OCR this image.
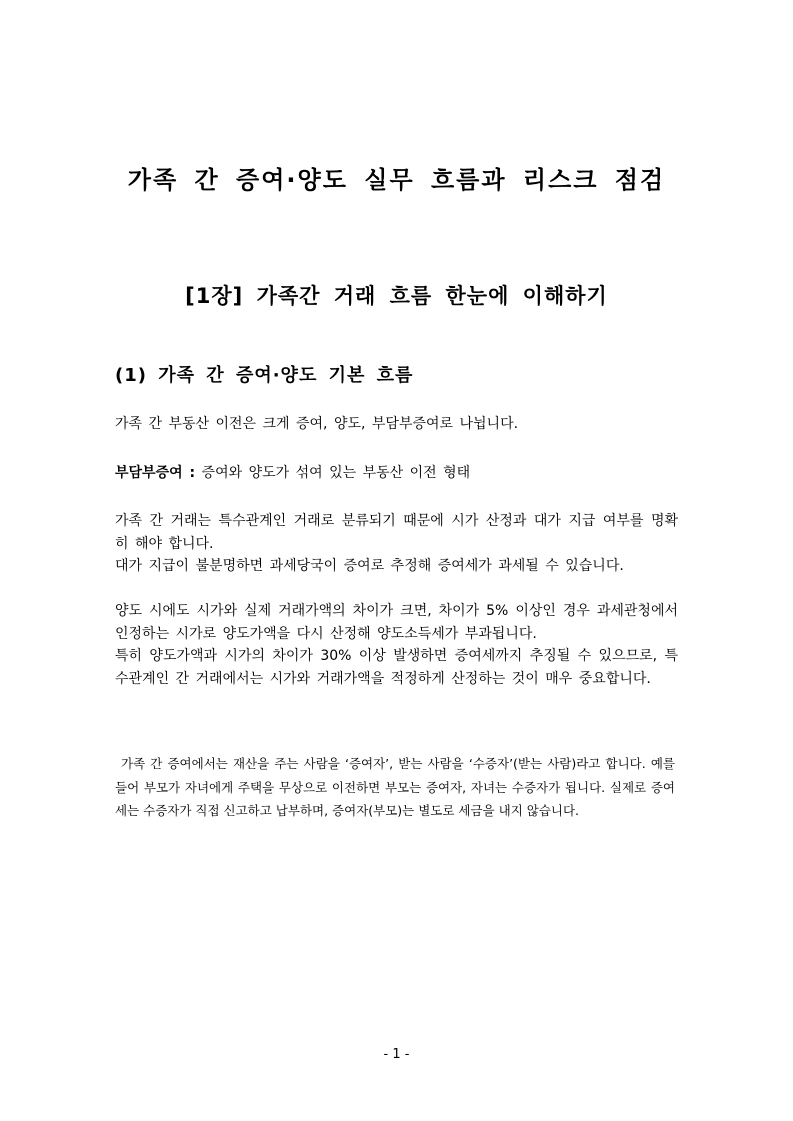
가족 간 증여·양도 실무 흐름과 리스크 점검
[1장] 가족간 거래 흐름 한눈에 이해하기
(1) 가족 간 증여·양도 기본 흐름

가족 간 부동산 이전은 크게 증여, 양도, 부담부증여로 나뉩니다.

부담부증여 : 증여와 양도가 섞여 있는 부동산 이전 형태

가족 간 거래는 특수관계인 거래로 분류되기 때문에 시가 산정과 대가 지급 여부를 명확히 해야 합니다.
대가 지급이 불분명하면 과세당국이 증여로 추정해 증여세가 과세될 수 있습니다.

양도 시에도 시가와 실제 거래가액의 차이가 크면, 차이가 5% 이상인 경우 과세관청에서 인정하는 시가로 양도가액을 다시 산정해 양도소득세가 부과됩니다.
특히 양도가액과 시가의 차이가 30% 이상 발생하면 증여세까지 추징될 수 있으므로, 특수관계인 간 거래에서는 시가와 거래가액을 적정하게 산정하는 것이 매우 중요합니다.

가족 간 증여에서는 재산을 주는 사람을 ‘증여자’, 받는 사람을 ‘수증자’(받는 사람)라고 합니다. 예를 들어 부모가 자녀에게 주택을 무상으로 이전하면 부모는 증여자, 자녀는 수증자가 됩니다. 실제로 증여세는 수증자가 직접 신고하고 납부하며, 증여자(부모)는 별도로 세금을 내지 않습니다.

- 1 -
